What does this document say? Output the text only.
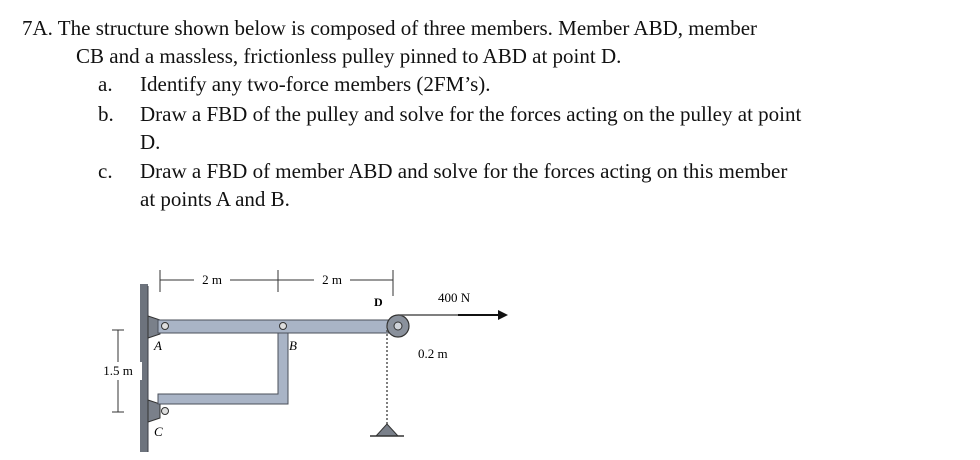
7A. The structure shown below is composed of three members. Member ABD, member
CB and a massless, frictionless pulley pinned to ABD at point D.
a. Identify any two-force members (2FM’s).
b. Draw a FBD of the pulley and solve for the forces acting on the pulley at point
D.
c. Draw a FBD of member ABD and solve for the forces acting on this member
at points A and B.
2 m	2 m
1.5 m
A	B
C
D	400 N
0.2 m
